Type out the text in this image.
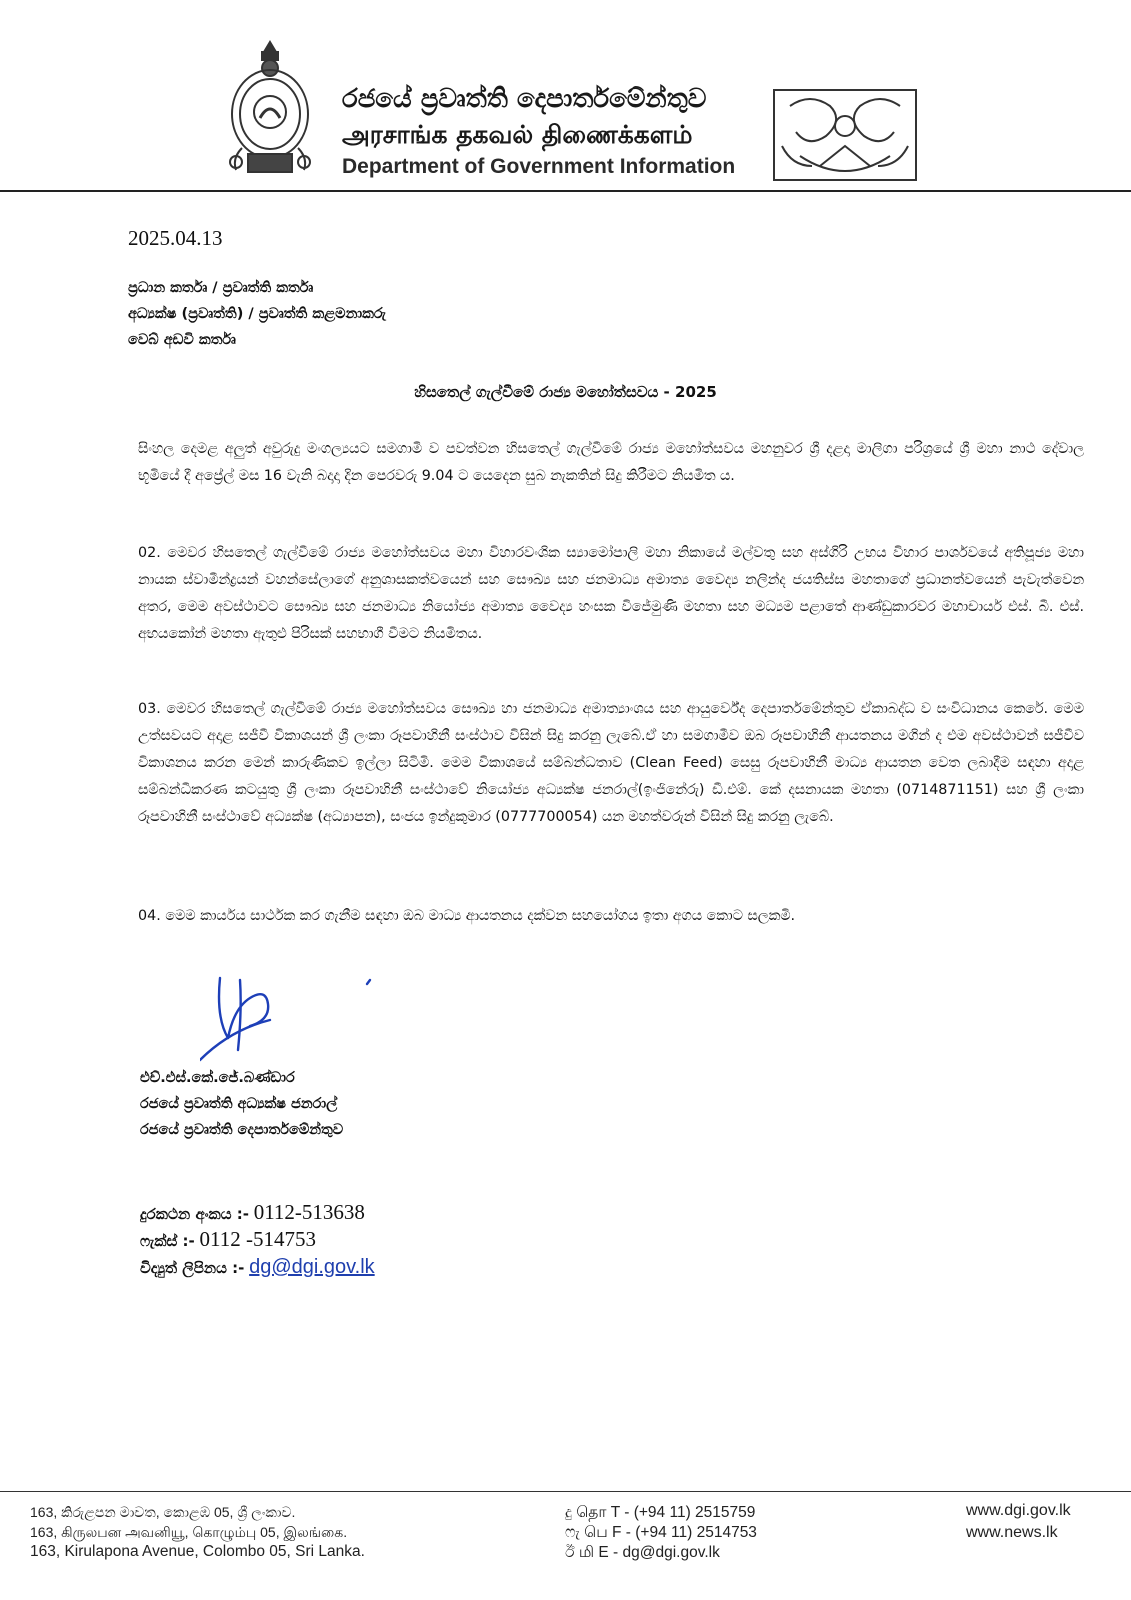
රජයේ ප්‍රවෘත්ති දෙපාර්තමේන්තුව
அரசாங்க தகவல் திணைக்களம்
Department of Government Information
2025.04.13
ප්‍රධාන කර්තෘ / ප්‍රවෘත්ති කර්තෘ
අධ්‍යක්ෂ (ප්‍රවෘත්ති) / ප්‍රවෘත්ති කළමනාකරු
වෙබ් අඩවි කර්තෘ
හිසතෙල් ගැල්වීමේ රාජ්‍ය මහෝත්සවය - 2025
සිංහල දෙමළ අලුත් අවුරුදු මංගල්‍යයට සමගාමී ව පවත්වන හිසතෙල් ගැල්වීමේ රාජ්‍ය මහෝත්සවය මහනුවර ශ්‍රී දළදා මාලිගා පරිශ්‍රයේ ශ්‍රී මහා නාථ දේවාල භූමියේ දී අප්‍රේල් මස 16 වැනි බදාදා දින පෙරවරු 9.04 ට යෙදෙන සුබ නැකතින් සිදු කිරීමට නියමිත ය.
02. මෙවර හිසතෙල් ගැල්වීමේ රාජ්‍ය මහෝත්සවය මහා විහාරවංශික ස්‍යාමෝපාලි මහා නිකායේ මල්වතු සහ අස්ගිරි උභය විහාර පාර්ශවයේ අතිපූජ්‍ය මහා නායක ස්වාමීන්ද්‍රයන් වහන්සේලාගේ අනුශාසකත්වයෙන් සහ සෞඛ්‍ය සහ ජනමාධ්‍ය අමාත්‍ය වෛද්‍ය නලින්ද ජයතිස්ස මහතාගේ ප්‍රධානත්වයෙන් පැවැත්වෙන අතර, මෙම අවස්ථාවට සෞඛ්‍ය සහ ජනමාධ්‍ය නියෝජ්‍ය අමාත්‍ය වෛද්‍ය හංසක විජේමුණි මහතා සහ මධ්‍යම පළාතේ ආණ්ඩුකාරවර මහාචාර්ය එස්. බී. එස්. අභයකෝන් මහතා ඇතුළු පිරිසක් සහභාගී වීමට නියමිතය.
03. මෙවර හිසතෙල් ගැල්වීමේ රාජ්‍ය මහෝත්සවය සෞඛ්‍ය හා ජනමාධ්‍ය අමාත්‍යාංශය සහ ආයුර්වේද දෙපාර්තමේන්තුව ඒකාබද්ධ ව සංවිධානය කෙරේ. මෙම උත්සවයට අදාළ සජීවී විකාශයන් ශ්‍රී ලංකා රූපවාහිනී සංස්ථාව විසින් සිදු කරනු ලැබේ.ඒ හා සමගාමීව ඔබ රූපවාහිනී ආයතනය මගින් ද එම අවස්ථාවන් සජීවීව විකාශනය කරන මෙන් කාරුණිකව ඉල්ලා සිටිමි. මෙම විකාශයේ සම්බන්ධතාව (Clean Feed) සෙසු රූපවාහිනී මාධ්‍ය ආයතන වෙත ලබාදීම සඳහා අදාළ සම්බන්ධීකරණ කටයුතු ශ්‍රී ලංකා රූපවාහිනී සංස්ථාවේ නියෝජ්‍ය අධ්‍යක්ෂ ජනරාල්(ඉංජිනේරු) ඩී.එම්. කේ දසනායක මහතා (0714871151) සහ ශ්‍රී ලංකා රූපවාහිනී සංස්ථාවේ අධ්‍යක්ෂ (අධ්‍යාපන), සංජය ඉන්දුකුමාර (0777700054) යන මහත්වරුන් විසින් සිදු කරනු ලැබේ.
04. මෙම කාර්යය සාර්ථක කර ගැනීම සඳහා ඔබ මාධ්‍ය ආයතනය දක්වන සහයෝගය ඉතා අගය කොට සලකමි.
එච්.එස්.කේ.ජේ.බණ්ඩාර
රජයේ ප්‍රවෘත්ති අධ්‍යක්ෂ ජනරාල්
රජයේ ප්‍රවෘත්ති දෙපාර්තමේන්තුව
දුරකථන අංකය :- 0112-513638
ෆැක්ස් :- 0112 -514753
විද්‍යුත් ලිපිනය :- dg@dgi.gov.lk
163, කිරුළපන මාවත, කොළඹ 05, ශ්‍රී ලංකාව.
163, கிருலபன அவனியூ, கொழும்பு 05, இலங்கை.
163, Kirulapona Avenue, Colombo 05, Sri Lanka.
දු தொ T - (+94 11) 2515759
ෆැ பெ F - (+94 11) 2514753
ඊ மி E - dg@dgi.gov.lk
www.dgi.gov.lk
www.news.lk
